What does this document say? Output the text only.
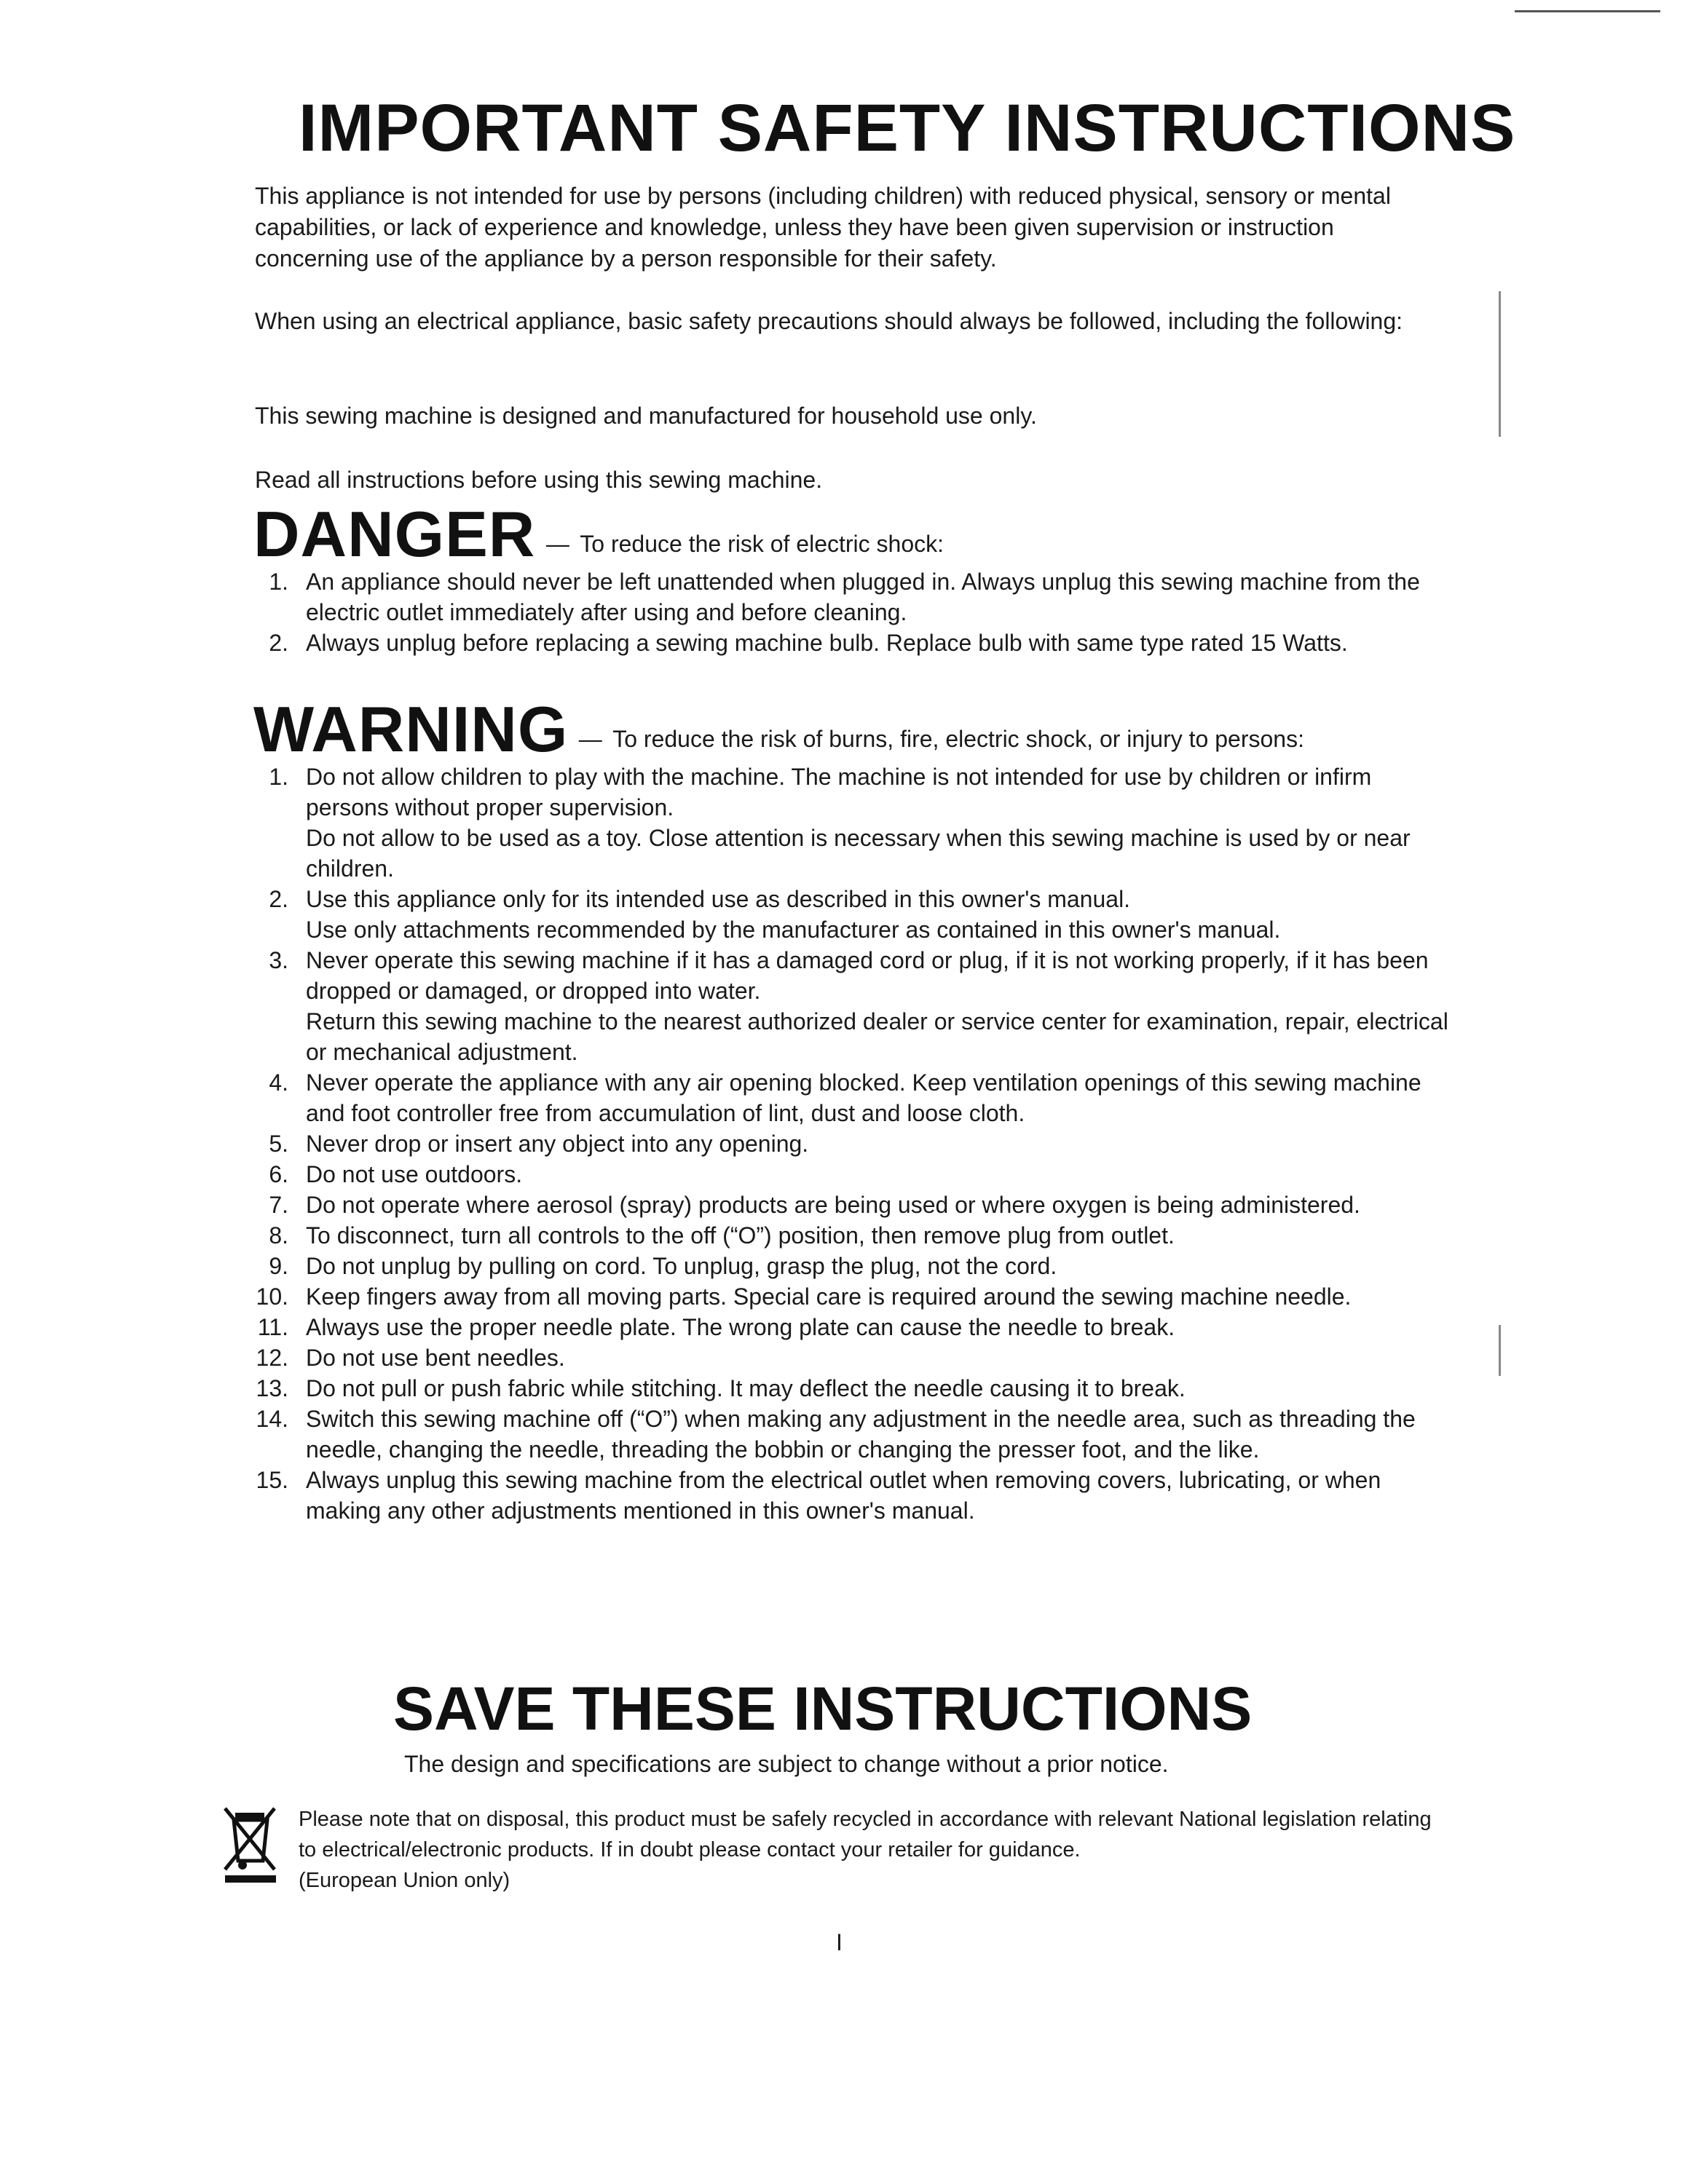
IMPORTANT SAFETY INSTRUCTIONS

This appliance is not intended for use by persons (including children) with reduced physical, sensory or mental capabilities, or lack of experience and knowledge, unless they have been given supervision or instruction concerning use of the appliance by a person responsible for their safety.

When using an electrical appliance, basic safety precautions should always be followed, including the following:

This sewing machine is designed and manufactured for household use only.

Read all instructions before using this sewing machine.

DANGER — To reduce the risk of electric shock:
1. An appliance should never be left unattended when plugged in. Always unplug this sewing machine from the electric outlet immediately after using and before cleaning.
2. Always unplug before replacing a sewing machine bulb. Replace bulb with same type rated 15 Watts.
WARNING — To reduce the risk of burns, fire, electric shock, or injury to persons:
1. Do not allow children to play with the machine. The machine is not intended for use by children or infirm persons without proper supervision.
Do not allow to be used as a toy. Close attention is necessary when this sewing machine is used by or near children.
2. Use this appliance only for its intended use as described in this owner's manual.
Use only attachments recommended by the manufacturer as contained in this owner's manual.
3. Never operate this sewing machine if it has a damaged cord or plug, if it is not working properly, if it has been dropped or damaged, or dropped into water.
Return this sewing machine to the nearest authorized dealer or service center for examination, repair, electrical or mechanical adjustment.
4. Never operate the appliance with any air opening blocked. Keep ventilation openings of this sewing machine and foot controller free from accumulation of lint, dust and loose cloth.
5. Never drop or insert any object into any opening.
6. Do not use outdoors.
7. Do not operate where aerosol (spray) products are being used or where oxygen is being administered.
8. To disconnect, turn all controls to the off (“O”) position, then remove plug from outlet.
9. Do not unplug by pulling on cord. To unplug, grasp the plug, not the cord.
10. Keep fingers away from all moving parts. Special care is required around the sewing machine needle.
11. Always use the proper needle plate. The wrong plate can cause the needle to break.
12. Do not use bent needles.
13. Do not pull or push fabric while stitching. It may deflect the needle causing it to break.
14. Switch this sewing machine off (“O”) when making any adjustment in the needle area, such as threading the needle, changing the needle, threading the bobbin or changing the presser foot, and the like.
15. Always unplug this sewing machine from the electrical outlet when removing covers, lubricating, or when making any other adjustments mentioned in this owner's manual.
SAVE THESE INSTRUCTIONS
The design and specifications are subject to change without a prior notice.
Please note that on disposal, this product must be safely recycled in accordance with relevant National legislation relating to electrical/electronic products. If in doubt please contact your retailer for guidance.
(European Union only)
I
